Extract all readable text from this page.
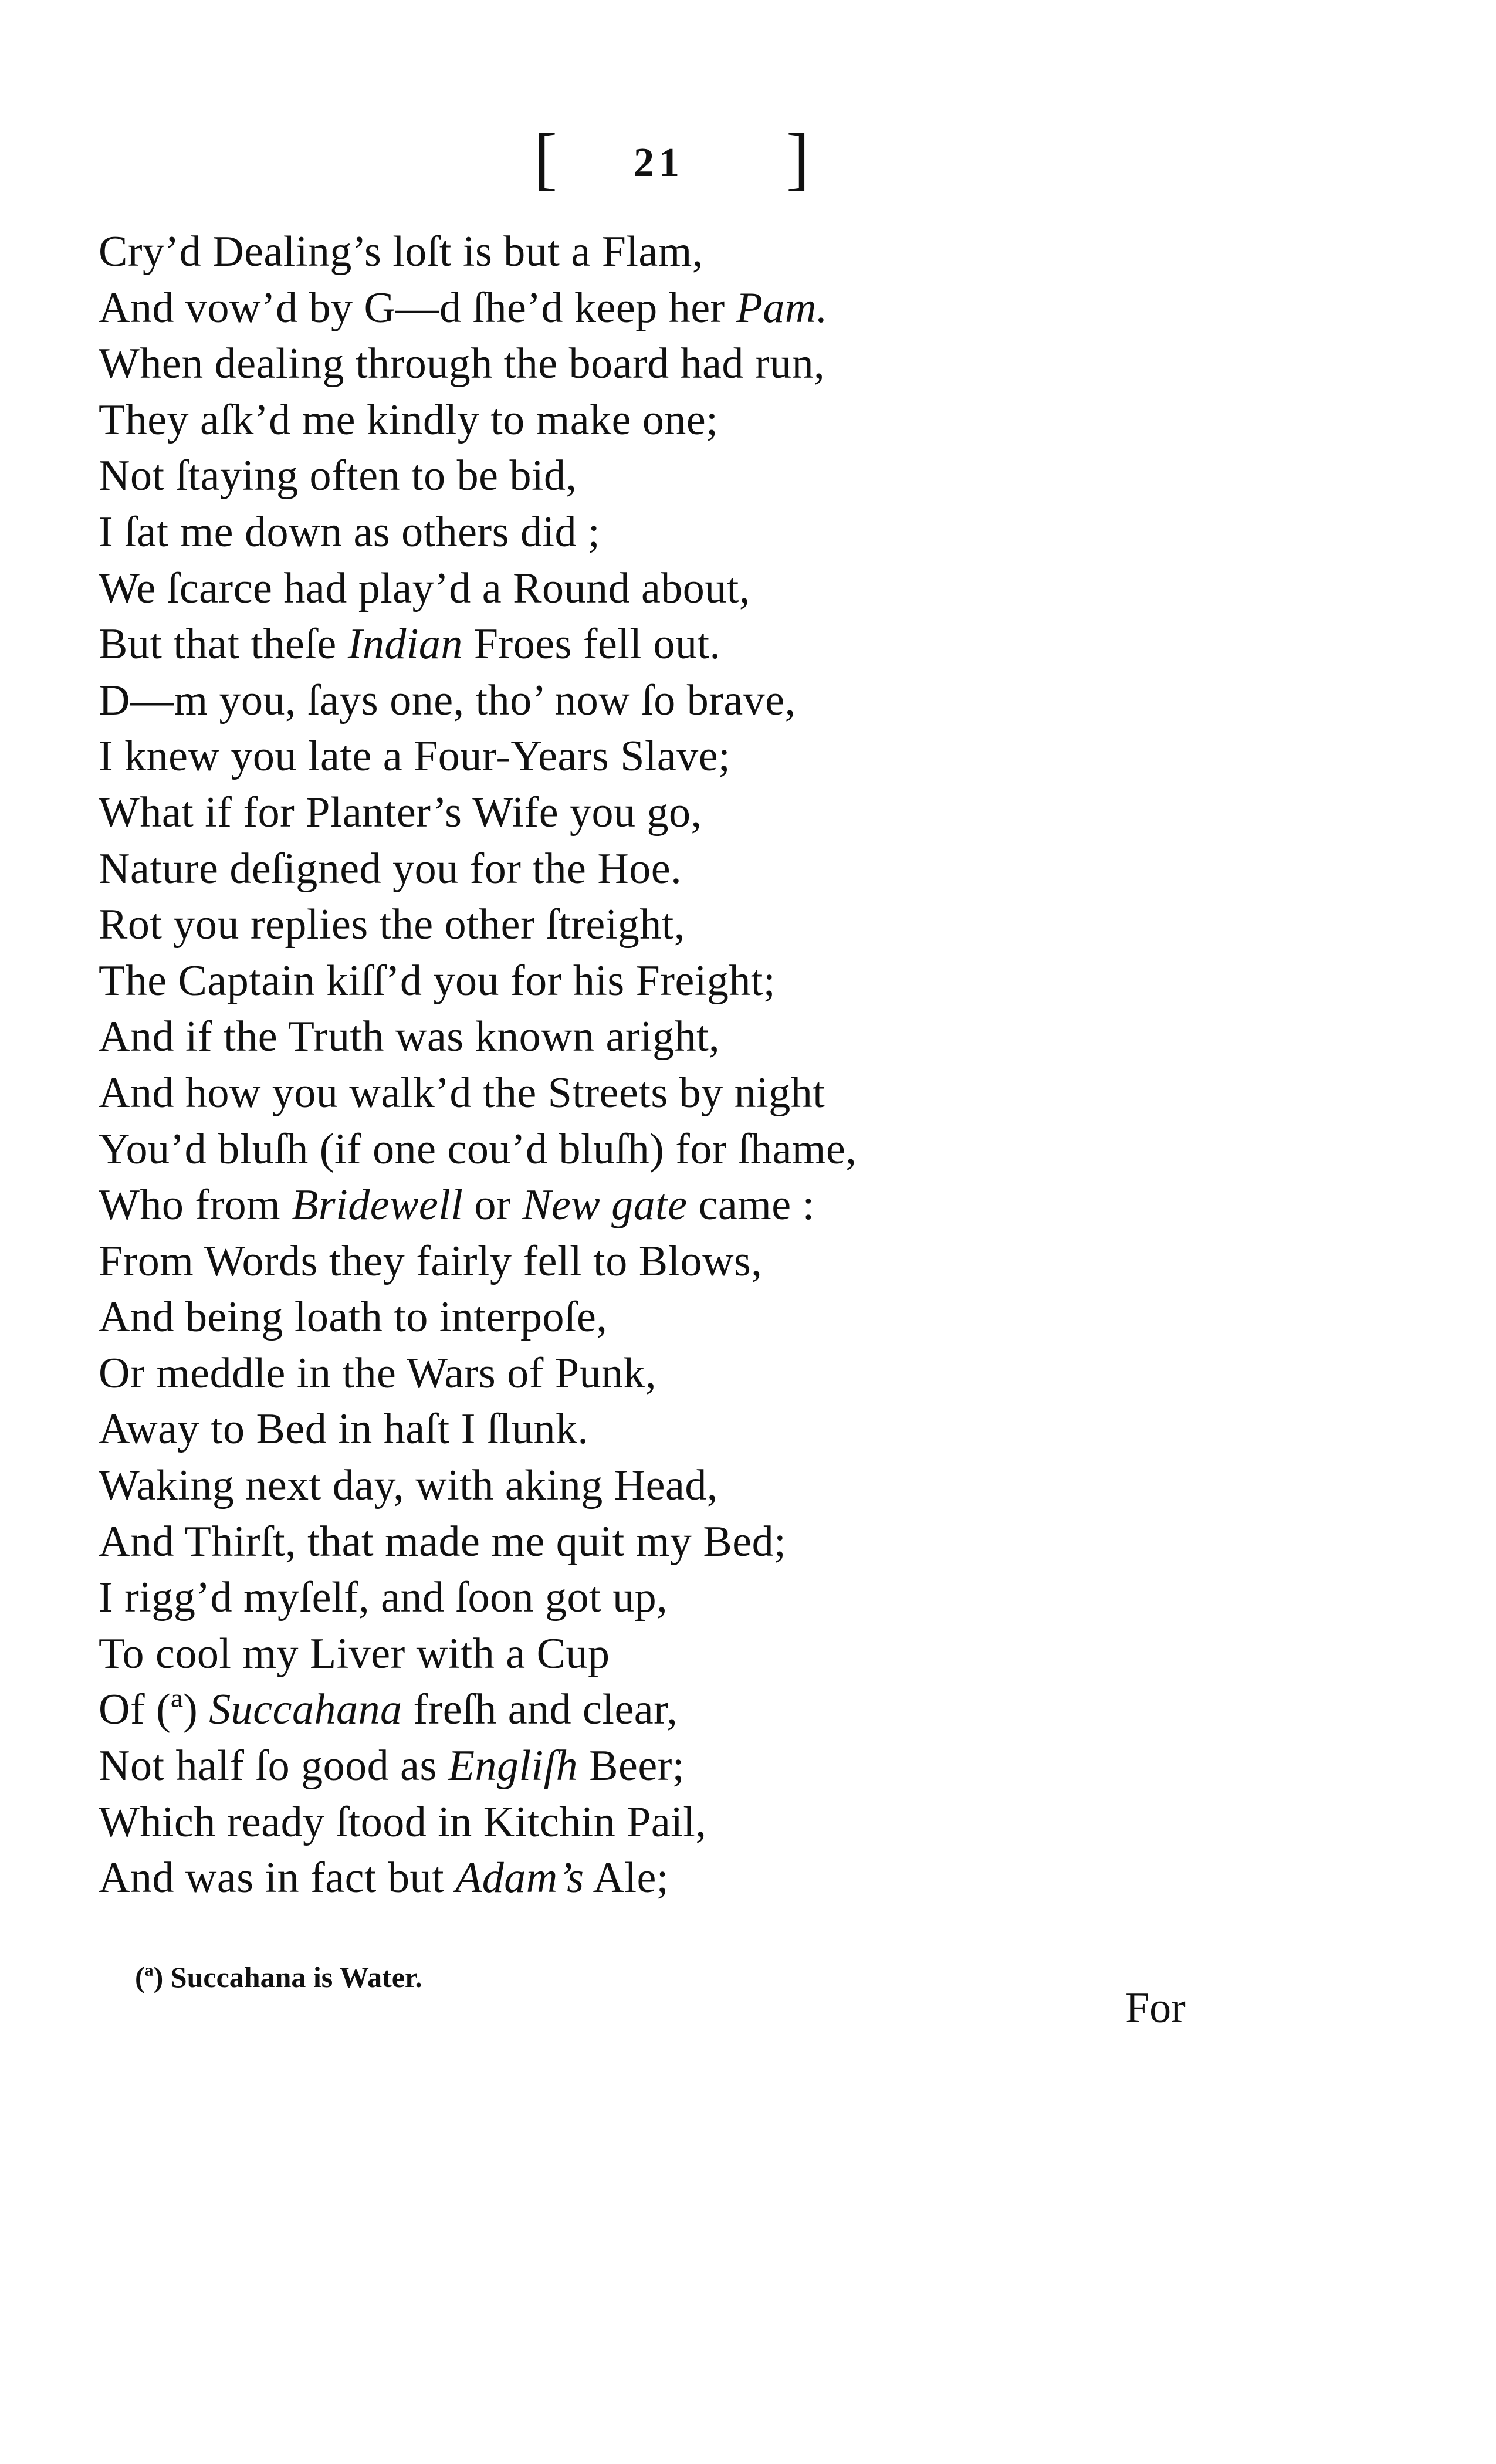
[ 21 ]
Cry’d Dealing’s loſt is but a Flam,
And vow’d by G—d ſhe’d keep her Pam.
When dealing through the board had run,
They aſk’d me kindly to make one;
Not ſtaying often to be bid,
I ſat me down as others did ;
We ſcarce had play’d a Round about,
But that theſe Indian Froes fell out.
D—m you, ſays one, tho’ now ſo brave,
I knew you late a Four-Years Slave;
What if for Planter’s Wife you go,
Nature deſigned you for the Hoe.
Rot you replies the other ſtreight,
The Captain kiſſ’d you for his Freight;
And if the Truth was known aright,
And how you walk’d the Streets by night
You’d bluſh (if one cou’d bluſh) for ſhame,
Who from Bridewell or New gate came :
From Words they fairly fell to Blows,
And being loath to interpoſe,
Or meddle in the Wars of Punk,
Away to Bed in haſt I ſlunk.
Waking next day, with aking Head,
And Thirſt, that made me quit my Bed;
I rigg’d myſelf, and ſoon got up,
To cool my Liver with a Cup
Of (ª) Succahana freſh and clear,
Not half ſo good as Engliſh Beer;
Which ready ſtood in Kitchin Pail,
And was in fact but Adam’s Ale;
(ª) Succahana is Water.
For
